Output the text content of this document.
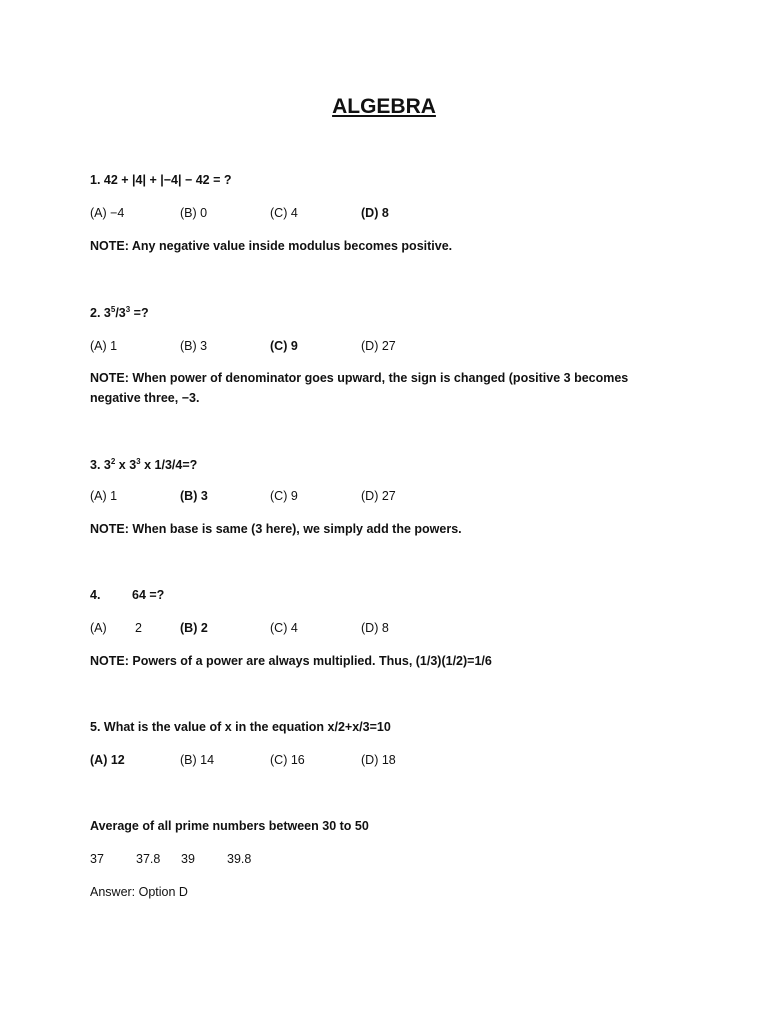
ALGEBRA
1. 42 + |4| + |−4| − 42 = ?
(A) −4	(B) 0	(C) 4	(D) 8
NOTE: Any negative value inside modulus becomes positive.
2. $3^5/3^3$ =?
(A) 1	(B) 3	(C) 9	(D) 27
NOTE: When power of denominator goes upward, the sign is changed (positive 3 becomes negative three, −3.
3. $3^2$ x $3^3$ x 1/3/4=?
(A) 1	(B) 3	(C) 9	(D) 27
NOTE: When base is same (3 here), we simply add the powers.
4.	64 =?
(A) 2	(B) 2	(C) 4	(D) 8
NOTE: Powers of a power are always multiplied. Thus, (1/3)(1/2)=1/6
5. What is the value of x in the equation x/2+x/3=10
(A) 12	(B) 14	(C) 16	(D) 18
Average of all prime numbers between 30 to 50
37	37.8 39	39.8
Answer: Option D
